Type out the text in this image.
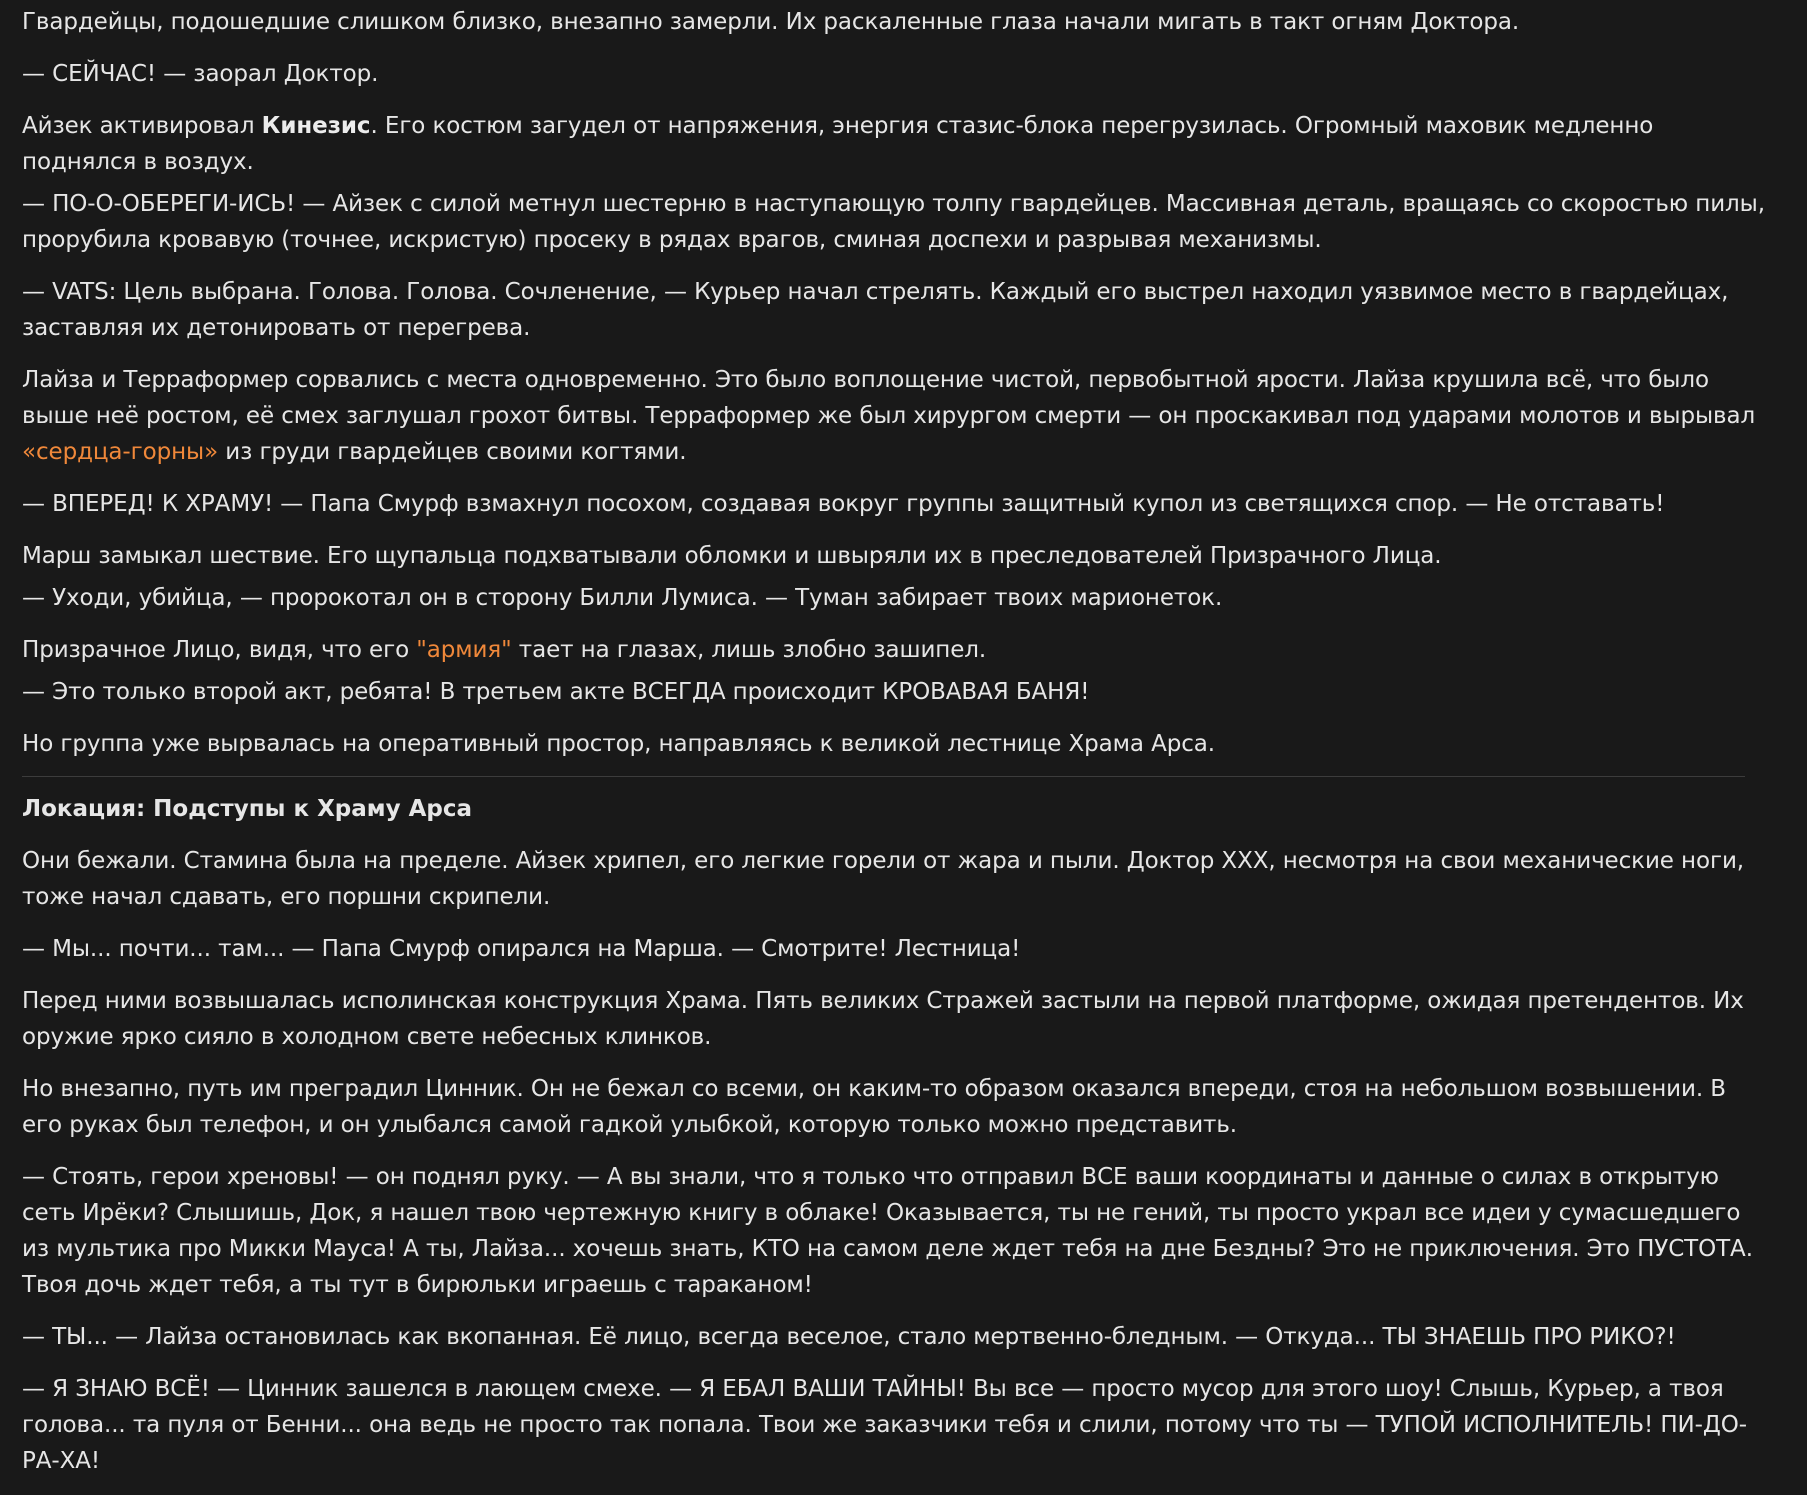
Гвардейцы, подошедшие слишком близко, внезапно замерли. Их раскаленные глаза начали мигать в такт огням Доктора.
— СЕЙЧАС! — заорал Доктор.
Айзек активировал Кинезис. Его костюм загудел от напряжения, энергия стазис-блока перегрузилась. Огромный маховик медленно поднялся в воздух.
— ПО-О-ОБЕРЕГИ-ИСЬ! — Айзек с силой метнул шестерню в наступающую толпу гвардейцев. Массивная деталь, вращаясь со скоростью пилы, прорубила кровавую (точнее, искристую) просеку в рядах врагов, сминая доспехи и разрывая механизмы.
— VATS: Цель выбрана. Голова. Голова. Сочленение, — Курьер начал стрелять. Каждый его выстрел находил уязвимое место в гвардейцах, заставляя их детонировать от перегрева.
Лайза и Терраформер сорвались с места одновременно. Это было воплощение чистой, первобытной ярости. Лайза крушила всё, что было выше неё ростом, её смех заглушал грохот битвы. Терраформер же был хирургом смерти — он проскакивал под ударами молотов и вырывал «сердца-горны» из груди гвардейцев своими когтями.
— ВПЕРЕД! К ХРАМУ! — Папа Смурф взмахнул посохом, создавая вокруг группы защитный купол из светящихся спор. — Не отставать!
Марш замыкал шествие. Его щупальца подхватывали обломки и швыряли их в преследователей Призрачного Лица.
— Уходи, убийца, — пророкотал он в сторону Билли Лумиса. — Туман забирает твоих марионеток.
Призрачное Лицо, видя, что его "армия" тает на глазах, лишь злобно зашипел.
— Это только второй акт, ребята! В третьем акте ВСЕГДА происходит КРОВАВАЯ БАНЯ!
Но группа уже вырвалась на оперативный простор, направляясь к великой лестнице Храма Арса.
Локация: Подступы к Храму Арса
Они бежали. Стамина была на пределе. Айзек хрипел, его легкие горели от жара и пыли. Доктор XXX, несмотря на свои механические ноги, тоже начал сдавать, его поршни скрипели.
— Мы... почти... там... — Папа Смурф опирался на Марша. — Смотрите! Лестница!
Перед ними возвышалась исполинская конструкция Храма. Пять великих Стражей застыли на первой платформе, ожидая претендентов. Их оружие ярко сияло в холодном свете небесных клинков.
Но внезапно, путь им преградил Цинник. Он не бежал со всеми, он каким-то образом оказался впереди, стоя на небольшом возвышении. В его руках был телефон, и он улыбался самой гадкой улыбкой, которую только можно представить.
— Стоять, герои хреновы! — он поднял руку. — А вы знали, что я только что отправил ВСЕ ваши координаты и данные о силах в открытую сеть Ирёки? Слышишь, Док, я нашел твою чертежную книгу в облаке! Оказывается, ты не гений, ты просто украл все идеи у сумасшедшего из мультика про Микки Мауса! А ты, Лайза... хочешь знать, КТО на самом деле ждет тебя на дне Бездны? Это не приключения. Это ПУСТОТА. Твоя дочь ждет тебя, а ты тут в бирюльки играешь с тараканом!
— ТЫ... — Лайза остановилась как вкопанная. Её лицо, всегда веселое, стало мертвенно-бледным. — Откуда... ТЫ ЗНАЕШЬ ПРО РИКО?!
— Я ЗНАЮ ВСЁ! — Цинник зашелся в лающем смехе. — Я ЕБАЛ ВАШИ ТАЙНЫ! Вы все — просто мусор для этого шоу! Слышь, Курьер, а твоя голова... та пуля от Бенни... она ведь не просто так попала. Твои же заказчики тебя и слили, потому что ты — ТУПОЙ ИСПОЛНИТЕЛЬ! ПИ-ДО-РА-ХА!
